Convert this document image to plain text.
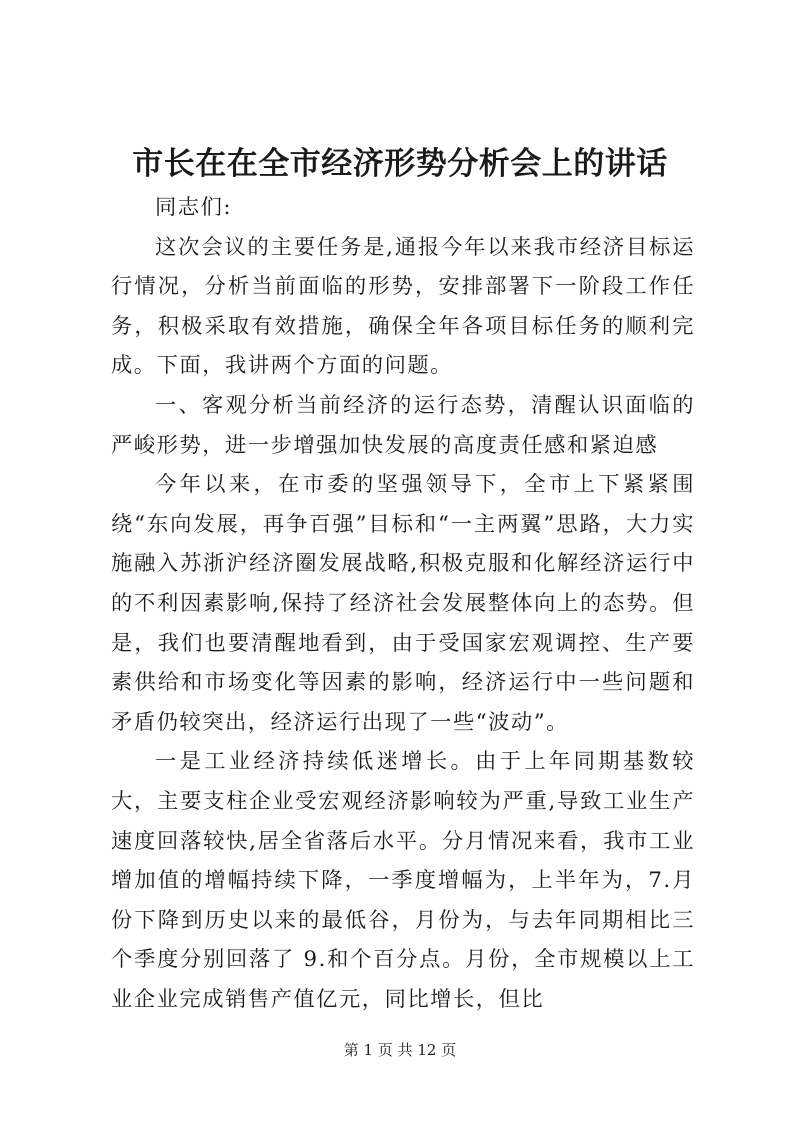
市长在在全市经济形势分析会上的讲话

同志们:

这次会议的主要任务是,通报今年以来我市经济目标运行情况，分析当前面临的形势，安排部署下一阶段工作任务，积极采取有效措施，确保全年各项目标任务的顺利完成。下面，我讲两个方面的问题。

一、客观分析当前经济的运行态势，清醒认识面临的严峻形势，进一步增强加快发展的高度责任感和紧迫感

今年以来，在市委的坚强领导下，全市上下紧紧围绕“东向发展，再争百强”目标和“一主两翼”思路，大力实施融入苏浙沪经济圈发展战略,积极克服和化解经济运行中的不利因素影响,保持了经济社会发展整体向上的态势。但是，我们也要清醒地看到，由于受国家宏观调控、生产要素供给和市场变化等因素的影响，经济运行中一些问题和矛盾仍较突出，经济运行出现了一些“波动”。

一是工业经济持续低迷增长。由于上年同期基数较大，主要支柱企业受宏观经济影响较为严重,导致工业生产速度回落较快,居全省落后水平。分月情况来看，我市工业增加值的增幅持续下降，一季度增幅为，上半年为，7.月份下降到历史以来的最低谷，月份为，与去年同期相比三个季度分别回落了 9.和个百分点。月份，全市规模以上工业企业完成销售产值亿元，同比增长，但比

第 1 页 共 12 页
